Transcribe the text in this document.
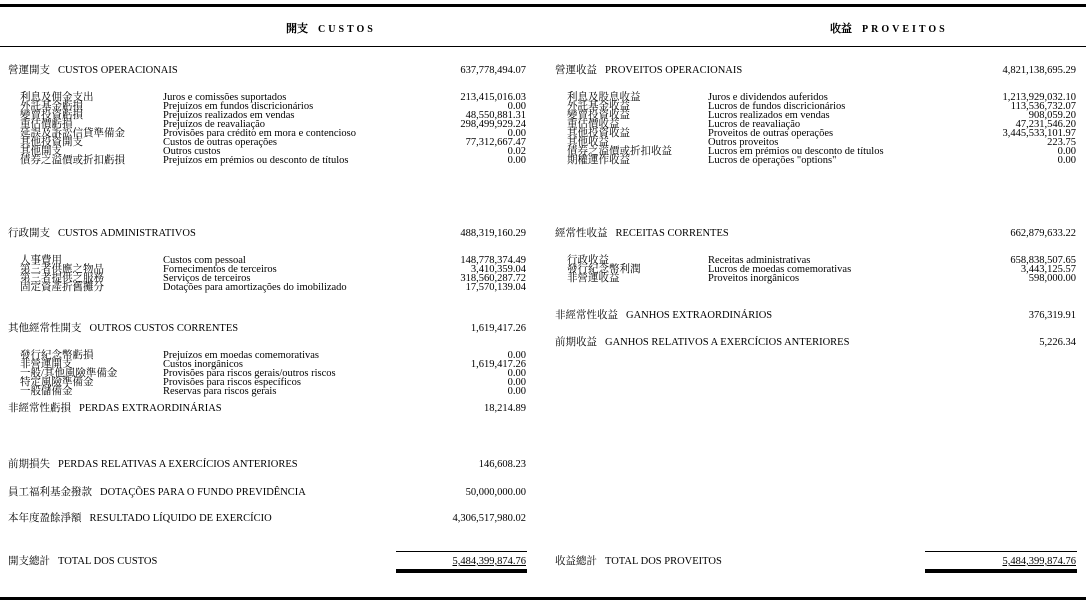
開支 CUSTOS	收益 PROVEITOS
營運開支 CUSTOS OPERACIONAIS	637,778,494.07
利息及佣金支出	Juros e comissões suportados	213,415,016.03
外託基金虧損	Prejuízos em fundos discricionários	0.00
變賣投資虧損	Prejuízos realizados em vendas	48,550,881.31
重估價虧損	Prejuízos de reavaliação	298,499,929.24
延誤及訴訟信貸準備金	Provisões para crédito em mora e contencioso	0.00
其他投資開支	Custos de outras operações	77,312,667.47
其他開支	Outros custos	0.02
債券之溢價或折扣虧損	Prejuízos em prémios ou desconto de títulos	0.00
行政開支 CUSTOS ADMINISTRATIVOS	488,319,160.29
人事費用	Custos com pessoal	148,778,374.49
第三者供應之物品	Fornecimentos de terceiros	3,410,359.04
第三者提供之服務	Serviços de terceiros	318,560,287.72
固定資產折舊攤分	Dotações para amortizações do imobilizado	17,570,139.04
其他經常性開支 OUTROS CUSTOS CORRENTES	1,619,417.26
發行紀念幣虧損	Prejuízos em moedas comemorativas	0.00
非營運開支	Custos inorgânicos	1,619,417.26
一般/其他風險準備金	Provisões para riscos gerais/outros riscos	0.00
特定風險準備金	Provisões para riscos específicos	0.00
一般儲備金	Reservas para riscos gerais	0.00
非經常性虧損 PERDAS EXTRAORDINÁRIAS	18,214.89
前期損失 PERDAS RELATIVAS A EXERCÍCIOS ANTERIORES	146,608.23
員工福利基金撥款 DOTAÇÕES PARA O FUNDO PREVIDÊNCIA	50,000,000.00
本年度盈餘淨額 RESULTADO LÍQUIDO DE EXERCÍCIO	4,306,517,980.02
開支總計 TOTAL DOS CUSTOS	5,484,399,874.76
營運收益 PROVEITOS OPERACIONAIS	4,821,138,695.29
利息及股息收益	Juros e dividendos auferidos	1,213,929,032.10
外託基金收益	Lucros de fundos discricionários	113,536,732.07
變賣投資收益	Lucros realizados em vendas	908,059.20
重估價收益	Lucros de reavaliação	47,231,546.20
其他投資收益	Proveitos de outras operações	3,445,533,101.97
其他收益	Outros proveitos	223.75
債券之溢價或折扣收益	Lucros em prémios ou desconto de títulos	0.00
期權運作收益	Lucros de operações "options"	0.00
經常性收益 RECEITAS CORRENTES	662,879,633.22
行政收益	Receitas administrativas	658,838,507.65
發行紀念幣利潤	Lucros de moedas comemorativas	3,443,125.57
非營運收益	Proveitos inorgânicos	598,000.00
非經常性收益 GANHOS EXTRAORDINÁRIOS	376,319.91
前期收益 GANHOS RELATIVOS A EXERCÍCIOS ANTERIORES	5,226.34
收益總計 TOTAL DOS PROVEITOS	5,484,399,874.76
